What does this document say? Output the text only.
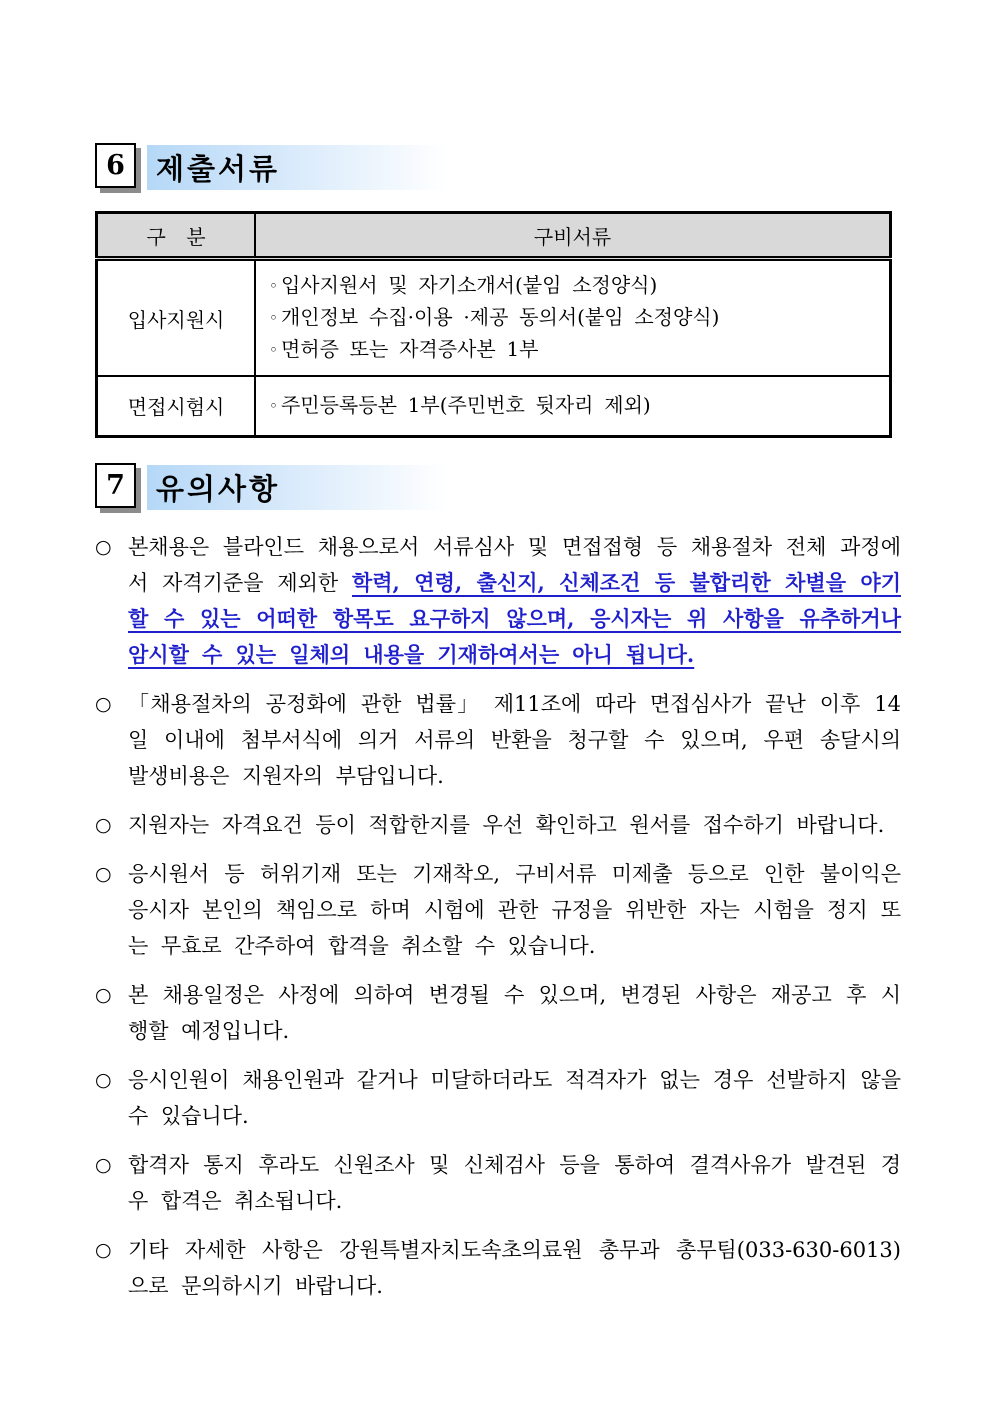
6 제출서류
구 분	구비서류
입사지원시	◦ 입사지원서 및 자기소개서(붙임 소정양식)
◦ 개인정보 수집·이용 ·제공 동의서(붙임 소정양식)
◦ 면허증 또는 자격증사본 1부

면접시험시	◦ 주민등록등본 1부(주민번호 뒷자리 제외)
7 유의사항

○ 본채용은 블라인드 채용으로서 서류심사 및 면접접형 등 채용절차 전체 과정에서 자격기준을 제외한 학력, 연령, 출신지, 신체조건 등 불합리한 차별을 야기할 수 있는 어떠한 항목도 요구하지 않으며, 응시자는 위 사항을 유추하거나 암시할 수 있는 일체의 내용을 기재하여서는 아니 됩니다.

○ 「채용절차의 공정화에 관한 법률」 제11조에 따라 면접심사가 끝난 이후 14일 이내에 첨부서식에 의거 서류의 반환을 청구할 수 있으며, 우편 송달시의 발생비용은 지원자의 부담입니다.

○ 지원자는 자격요건 등이 적합한지를 우선 확인하고 원서를 접수하기 바랍니다.

○ 응시원서 등 허위기재 또는 기재착오, 구비서류 미제출 등으로 인한 불이익은 응시자 본인의 책임으로 하며 시험에 관한 규정을 위반한 자는 시험을 정지 또는 무효로 간주하여 합격을 취소할 수 있습니다.

○ 본 채용일정은 사정에 의하여 변경될 수 있으며, 변경된 사항은 재공고 후 시행할 예정입니다.

○ 응시인원이 채용인원과 같거나 미달하더라도 적격자가 없는 경우 선발하지 않을 수 있습니다.

○ 합격자 통지 후라도 신원조사 및 신체검사 등을 통하여 결격사유가 발견된 경우 합격은 취소됩니다.

○ 기타 자세한 사항은 강원특별자치도속초의료원 총무과 총무팀(033-630-6013)으로 문의하시기 바랍니다.
